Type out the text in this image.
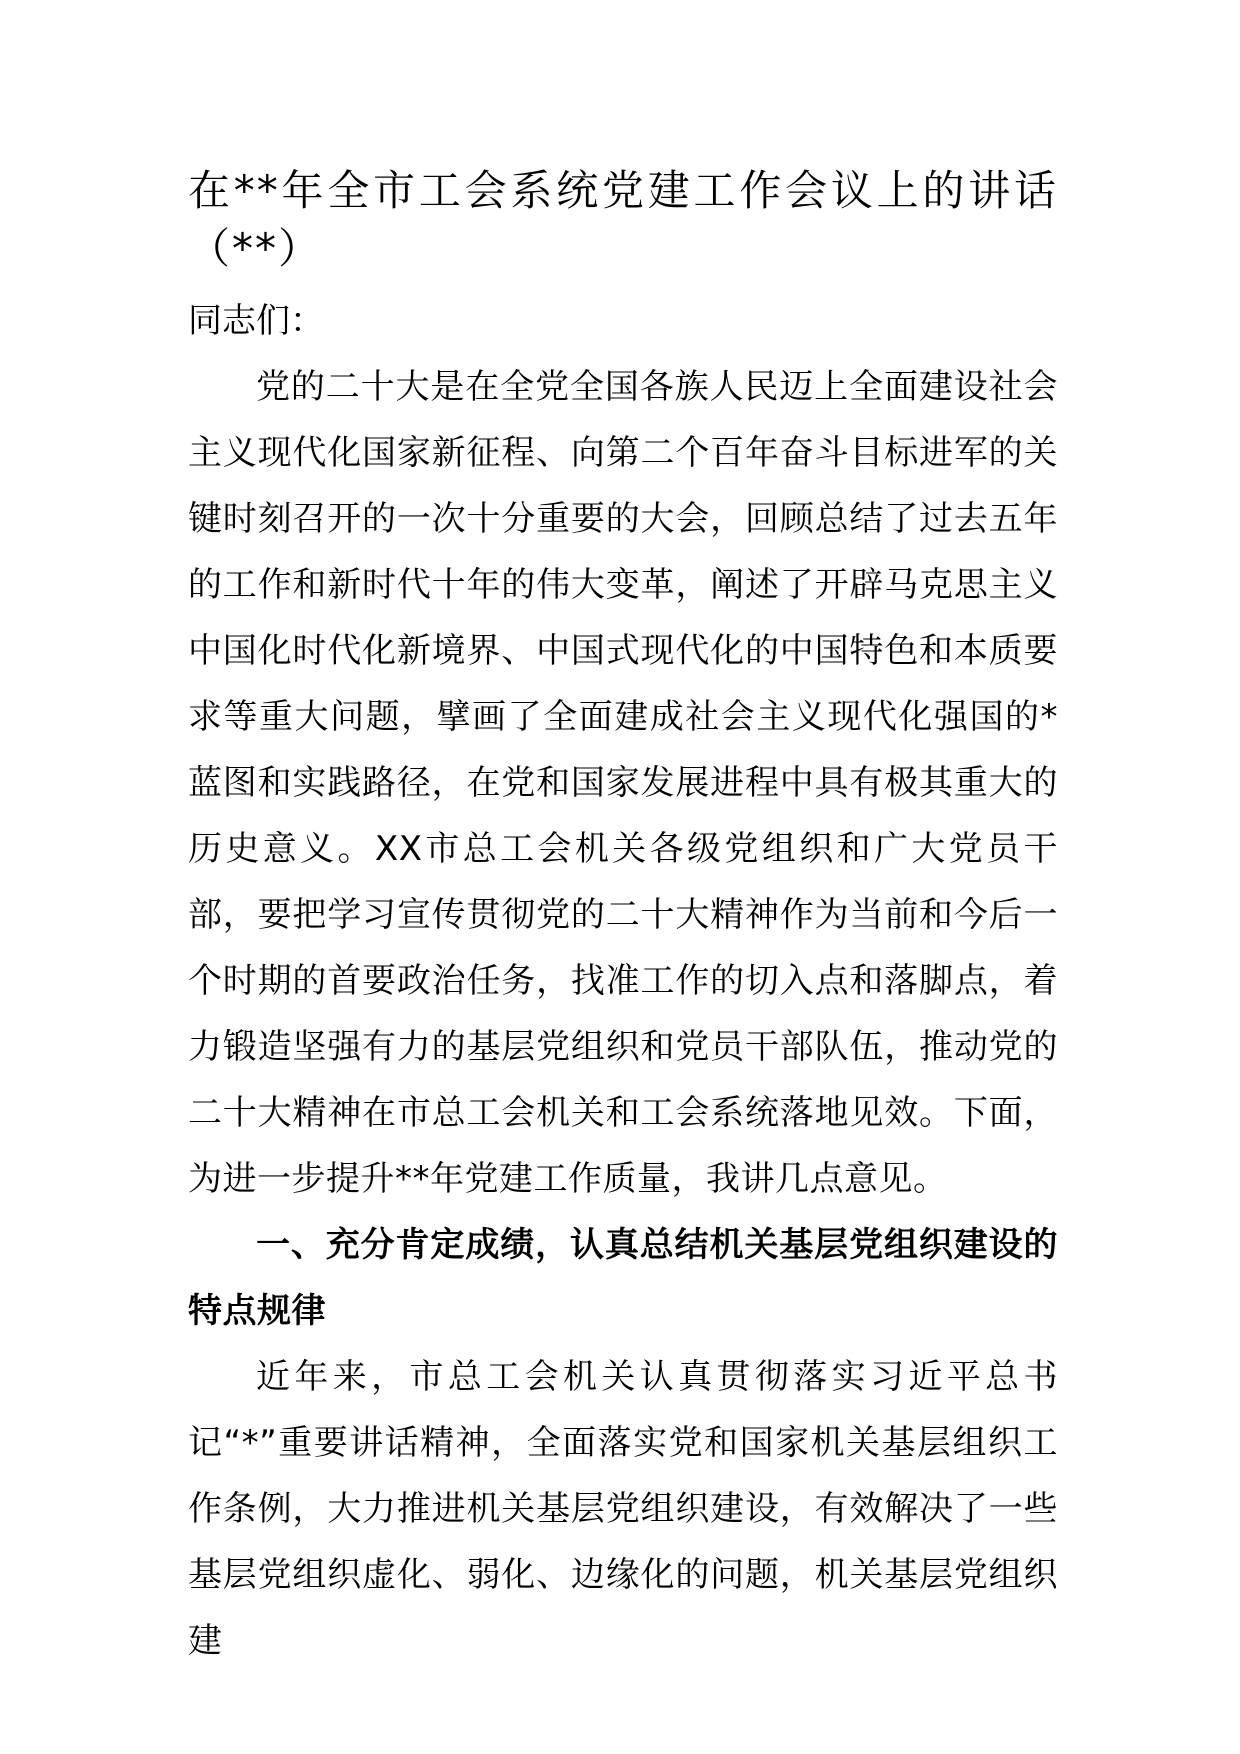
在**年全市工会系统党建工作会议上的讲话（**）

同志们：

党的二十大是在全党全国各族人民迈上全面建设社会主义现代化国家新征程、向第二个百年奋斗目标进军的关键时刻召开的一次十分重要的大会，回顾总结了过去五年的工作和新时代十年的伟大变革，阐述了开辟马克思主义中国化时代化新境界、中国式现代化的中国特色和本质要求等重大问题，擘画了全面建成社会主义现代化强国的*蓝图和实践路径，在党和国家发展进程中具有极其重大的历史意义。XX市总工会机关各级党组织和广大党员干部，要把学习宣传贯彻党的二十大精神作为当前和今后一个时期的首要政治任务，找准工作的切入点和落脚点，着力锻造坚强有力的基层党组织和党员干部队伍，推动党的二十大精神在市总工会机关和工会系统落地见效。下面，为进一步提升**年党建工作质量，我讲几点意见。

一、充分肯定成绩，认真总结机关基层党组织建设的特点规律

近年来，市总工会机关认真贯彻落实习近平总书记“*”重要讲话精神，全面落实党和国家机关基层组织工作条例，大力推进机关基层党组织建设，有效解决了一些基层党组织虚化、弱化、边缘化的问题，机关基层党组织建
